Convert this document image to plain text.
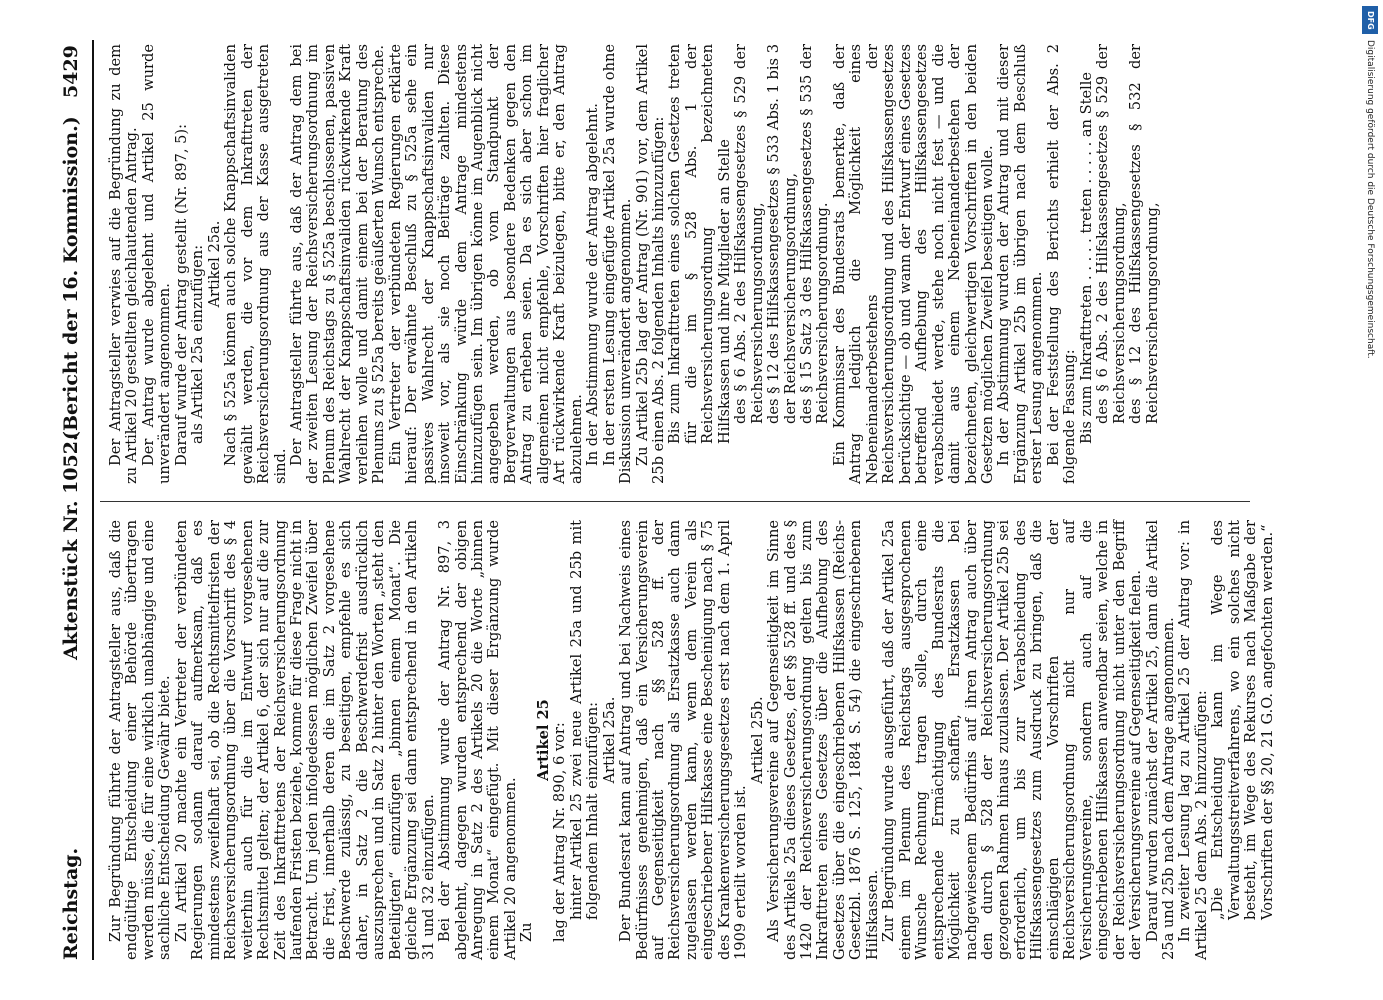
Reichstag.
Aktenstück Nr. 1052.
(Bericht der 16. Kommission.)
5429

Zur Begründung führte der Antragsteller aus, daß die endgültige Entscheidung einer Behörde übertragen werden müsse, die für eine wirklich unabhängige und eine sachliche Entscheidung Gewähr biete. Zu Artikel 20 machte ein Vertreter der verbündeten Regierungen sodann darauf aufmerksam, daß es mindestens zweifelhaft sei, ob die Rechtsmittelfristen der Reichsversicherungsordnung über die Vorschrift des § 4 weiterhin auch für die im Entwurf vorgesehenen Rechtsmittel gelten; der Artikel 6, der sich nur auf die zur Zeit des Inkrafttretens der Reichsversicherungsordnung laufenden Fristen beziehe, komme für diese Frage nicht in Betracht. Um jeden infolgedessen möglichen Zweifel über die Frist, innerhalb deren die im Satz 2 vorgesehene Beschwerde zulässig, zu beseitigen, empfehle es sich daher, in Satz 2 die Beschwerdefrist ausdrücklich auszusprechen und in Satz 2 hinter den Worten „steht den Beteiligten“ einzufügen „binnen einem Monat“. Die gleiche Ergänzung sei dann entsprechend in den Artikeln 31 und 32 einzufügen. Bei der Abstimmung wurde der Antrag Nr. 897, 3 abgelehnt, dagegen wurden entsprechend der obigen Anregung in Satz 2 des Artikels 20 die Worte „binnen einem Monat“ eingefügt. Mit dieser Ergänzung wurde Artikel 20 angenommen. Zu

Artikel 25 lag der Antrag Nr. 890, 6 vor: hinter Artikel 25 zwei neue Artikel 25a und 25b mit folgendem Inhalt einzufügen: Artikel 25a. Der Bundesrat kann auf Antrag und bei Nachweis eines Bedürfnisses genehmigen, daß ein Versicherungsverein auf Gegenseitigkeit nach §§ 528 ff. der Reichsversicherungsordnung als Ersatzkasse auch dann zugelassen werden kann, wenn dem Verein als eingeschriebener Hilfskasse eine Bescheinigung nach § 75 des Krankenversicherungsgesetzes erst nach dem 1. April 1909 erteilt worden ist.

Artikel 25b. Als Versicherungsvereine auf Gegenseitigkeit im Sinne des Artikels 25a dieses Gesetzes, der §§ 528 ff. und des § 1420 der Reichsversicherungsordnung gelten bis zum Inkrafttreten eines Gesetzes über die Aufhebung des Gesetzes über die eingeschriebenen Hilfskassen (Reichs-Gesetzbl. 1876 S. 125, 1884 S. 54) die eingeschriebenen Hilfskassen. Zur Begründung wurde ausgeführt, daß der Artikel 25a einem im Plenum des Reichstags ausgesprochenen Wunsche Rechnung tragen solle, durch eine entsprechende Ermächtigung des Bundesrats die Möglichkeit zu schaffen, Ersatzkassen bei nachgewiesenem Bedürfnis auf ihren Antrag auch über den durch § 528 der Reichsversicherungsordnung gezogenen Rahmen hinaus zuzulassen. Der Artikel 25b sei erforderlich, um bis zur Verabschiedung des Hilfskassengesetzes zum Ausdruck zu bringen, daß die einschlägigen Vorschriften der Reichsversicherungsordnung nicht nur auf Versicherungsvereine, sondern auch auf die eingeschriebenen Hilfskassen anwendbar seien, welche in der Reichsversicherungsordnung nicht unter den Begriff der Versicherungsvereine auf Gegenseitigkeit fielen. Darauf wurden zunächst der Artikel 25, dann die Artikel 25a und 25b nach dem Antrage angenommen. In zweiter Lesung lag zu Artikel 25 der Antrag vor: in Artikel 25 dem Abs. 2 hinzuzufügen: „Die Entscheidung kann im Wege des Verwaltungsstreitverfahrens, wo ein solches nicht besteht, im Wege des Rekurses nach Maßgabe der Vorschriften der §§ 20, 21 G.O. angefochten werden.“

Der Antragsteller verwies auf die Begründung zu dem zu Artikel 20 gestellten gleichlautenden Antrag. Der Antrag wurde abgelehnt und Artikel 25 wurde unverändert angenommen. Darauf wurde der Antrag gestellt (Nr. 897, 5): als Artikel 25a einzufügen: Artikel 25a. Nach § 525a können auch solche Knappschaftsinvaliden gewählt werden, die vor dem Inkrafttreten der Reichsversicherungsordnung aus der Kasse ausgetreten sind.

Der Antragsteller führte aus, daß der Antrag dem bei der zweiten Lesung der Reichsversicherungsordnung im Plenum des Reichstags zu § 525a beschlossenen, passiven Wahlrecht der Knappschaftsinvaliden rückwirkende Kraft verleihen wolle und damit einem bei der Beratung des Plenums zu § 525a bereits geäußerten Wunsch entspreche. Ein Vertreter der verbündeten Regierungen erklärte hierauf: Der erwähnte Beschluß zu § 525a sehe ein passives Wahlrecht der Knappschaftsinvaliden nur insoweit vor, als sie noch Beiträge zahlten. Diese Einschränkung würde dem Antrage mindestens hinzuzufügen sein. Im übrigen könne im Augenblick nicht angegeben werden, ob vom Standpunkt der Bergverwaltungen aus besondere Bedenken gegen den Antrag zu erheben seien. Da es sich aber schon im allgemeinen nicht empfehle, Vorschriften hier fraglicher Art rückwirkende Kraft beizulegen, bitte er, den Antrag abzulehnen. In der Abstimmung wurde der Antrag abgelehnt. In der ersten Lesung eingefügte Artikel 25a wurde ohne Diskussion unverändert angenommen. Zu Artikel 25b lag der Antrag (Nr. 901) vor, dem Artikel 25b einen Abs. 2 folgenden Inhalts hinzuzufügen: Bis zum Inkrafttreten eines solchen Gesetzes treten für die im § 528 Abs. 1 der Reichsversicherungsordnung bezeichneten Hilfskassen und ihre Mitglieder an Stelle des § 6 Abs. 2 des Hilfskassengesetzes § 529 der Reichsversicherungsordnung, des § 12 des Hilfskassengesetzes § 533 Abs. 1 bis 3 der Reichsversicherungsordnung, des § 15 Satz 3 des Hilfskassengesetzes § 535 der Reichsversicherungsordnung. Ein Kommissar des Bundesrats bemerkte, daß der Antrag lediglich die Möglichkeit eines Nebeneinanderbestehens der Reichsversicherungsordnung und des Hilfskassengesetzes berücksichtige — ob und wann der Entwurf eines Gesetzes betreffend Aufhebung des Hilfskassengesetzes verabschiedet werde, stehe noch nicht fest — und die damit aus einem Nebeneinanderbestehen der bezeichneten, gleichwertigen Vorschriften in den beiden Gesetzen möglichen Zweifel beseitigen wolle. In der Abstimmung wurden der Antrag und mit dieser Ergänzung Artikel 25b im übrigen nach dem Beschluß erster Lesung angenommen. Bei der Feststellung des Berichts erhielt der Abs. 2 folgende Fassung: Bis zum Inkrafttreten . . . . . treten . . . . . an Stelle des § 6 Abs. 2 des Hilfskassengesetzes § 529 der Reichsversicherungsordnung, des § 12 des Hilfskassengesetzes § 532 der Reichsversicherungsordnung,

DFG
Digitalisierung gefördert durch die Deutsche Forschungsgemeinschaft.
